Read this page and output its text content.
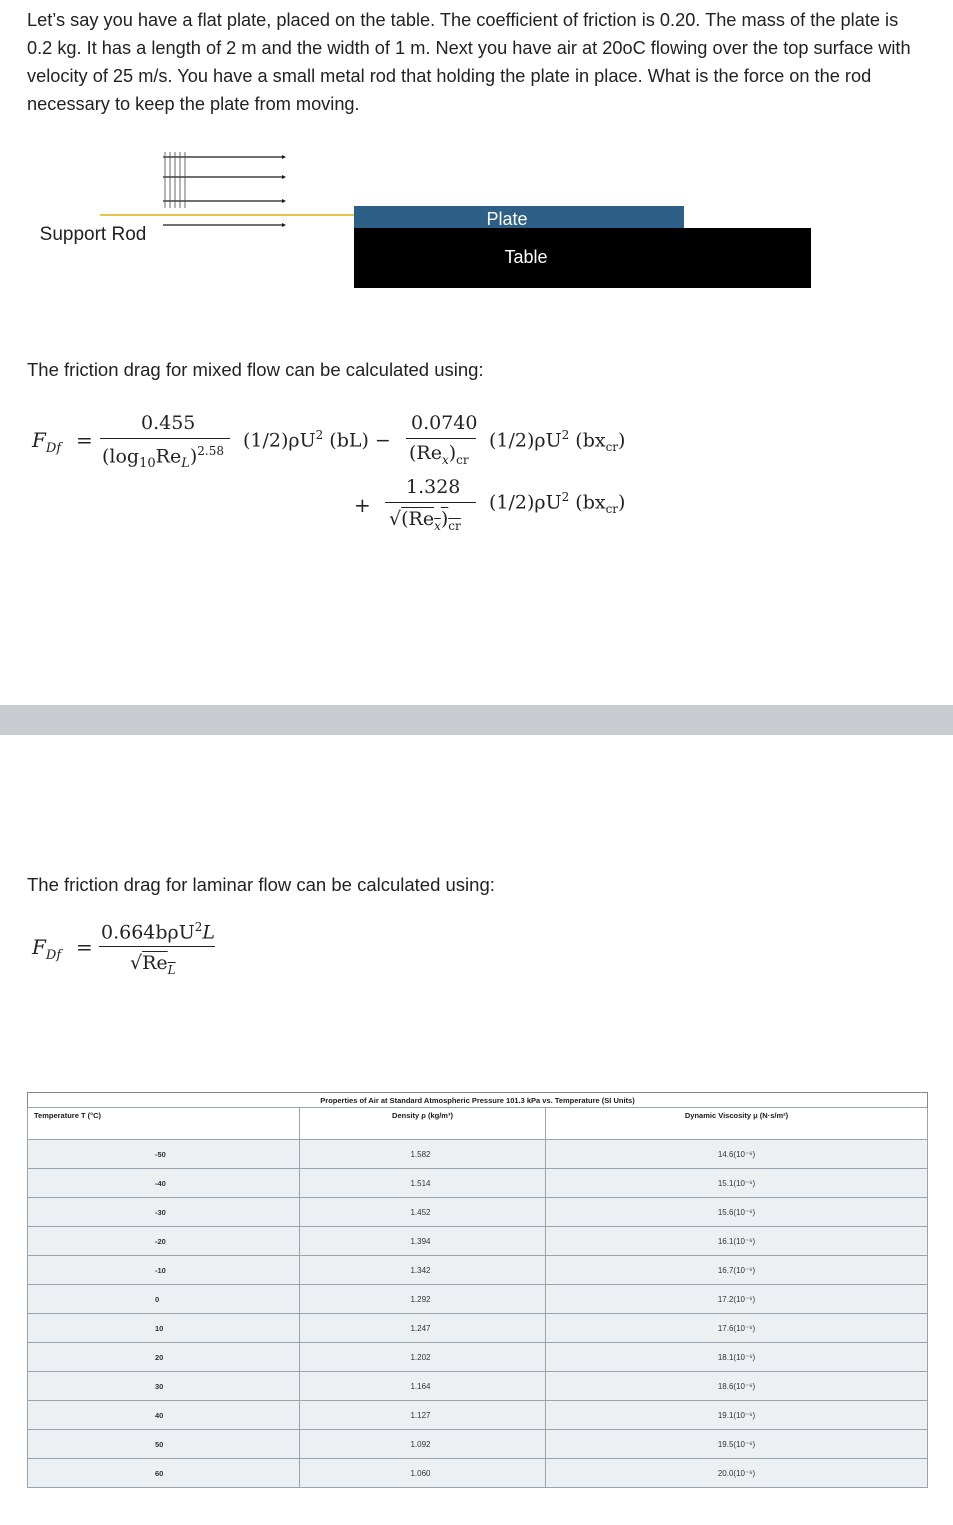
Let’s say you have a flat plate, placed on the table. The coefficient of friction is 0.20. The mass of the plate is 0.2 kg. It has a length of 2 m and the width of 1 m. Next you have air at 20oC flowing over the top surface with velocity of 25 m/s. You have a small metal rod that holding the plate in place. What is the force on the rod necessary to keep the plate from moving.
Support Rod
Plate
Table
The friction drag for mixed flow can be calculated using:
$F_{Df}$ =
0.455
$(\log_{10}Re_L)^{2.58}$ $(1/2)\rho U^2$ (bL) −
0.0740
$(Re_x)_{cr}$
$(1/2)\rho U^2$ $(bx_{cr})$
+
1.328
$√(Re_x)_{cr}$
$(1/2)\rho U^2$ $(bx_{cr})$
The friction drag for laminar flow can be calculated using:
$F_{Df}$ =
0.664bρU$^2$L
$√Re_L$
Properties of Air at Standard Atmospheric Pressure 101.3 kPa vs. Temperature (SI Units)		
Temperature T (°C)	Density ρ (kg/m³)	Dynamic Viscosity μ (N·s/m²)
-50	1.582	14.6(10⁻⁶)
-40	1.514	15.1(10⁻⁶)
-30	1.452	15.6(10⁻⁶)
-20	1.394	16.1(10⁻⁶)
-10	1.342	16.7(10⁻⁶)
0	1.292	17.2(10⁻⁶)
10	1.247	17.6(10⁻⁶)
20	1.202	18.1(10⁻⁶)
30	1.164	18.6(10⁻⁶)
40	1.127	19.1(10⁻⁶)
50	1.092	19.5(10⁻⁶)
60	1.060	20.0(10⁻⁶)
